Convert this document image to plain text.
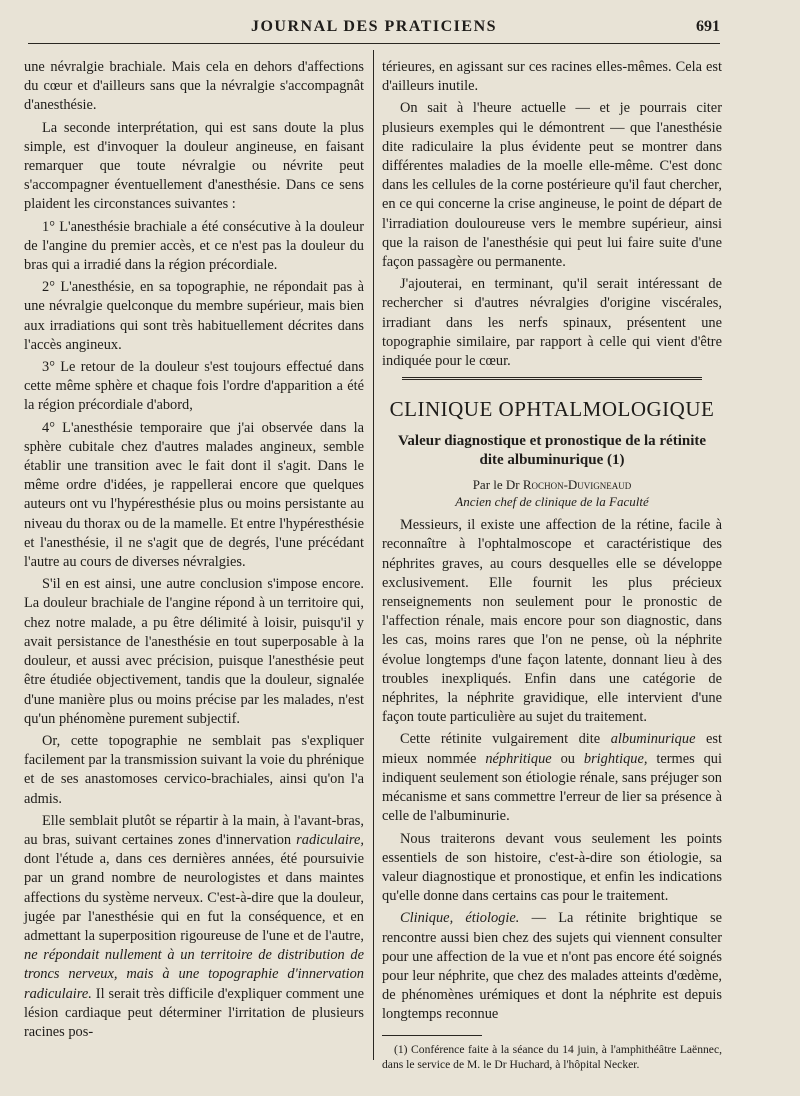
JOURNAL DES PRATICIENS	691

une névralgie brachiale. Mais cela en dehors d'affections du cœur et d'ailleurs sans que la névralgie s'accompagnât d'anesthésie.

La seconde interprétation, qui est sans doute la plus simple, est d'invoquer la douleur angineuse, en faisant remarquer que toute névralgie ou névrite peut s'accompagner éventuellement d'anesthésie. Dans ce sens plaident les circonstances suivantes :

1° L'anesthésie brachiale a été consécutive à la douleur de l'angine du premier accès, et ce n'est pas la douleur du bras qui a irradié dans la région précordiale.

2° L'anesthésie, en sa topographie, ne répondait pas à une névralgie quelconque du membre supérieur, mais bien aux irradiations qui sont très habituellement décrites dans l'accès angineux.

3° Le retour de la douleur s'est toujours effectué dans cette même sphère et chaque fois l'ordre d'apparition a été la région précordiale d'abord,

4° L'anesthésie temporaire que j'ai observée dans la sphère cubitale chez d'autres malades angineux, semble établir une transition avec le fait dont il s'agit. Dans le même ordre d'idées, je rappellerai encore que quelques auteurs ont vu l'hypéresthésie plus ou moins persistante au niveau du thorax ou de la mamelle. Et entre l'hypéresthésie et l'anesthésie, il ne s'agit que de degrés, l'une précédant l'autre au cours de diverses névralgies.

S'il en est ainsi, une autre conclusion s'impose encore. La douleur brachiale de l'angine répond à un territoire qui, chez notre malade, a pu être délimité à loisir, puisqu'il y avait persistance de l'anesthésie en tout superposable à la douleur, et aussi avec précision, puisque l'anesthésie peut être étudiée objectivement, tandis que la douleur, signalée d'une manière plus ou moins précise par les malades, n'est qu'un phénomène purement subjectif.

Or, cette topographie ne semblait pas s'expliquer facilement par la transmission suivant la voie du phrénique et de ses anastomoses cervico-brachiales, ainsi qu'on l'a admis.

Elle semblait plutôt se répartir à la main, à l'avant-bras, au bras, suivant certaines zones d'innervation radiculaire, dont l'étude a, dans ces dernières années, été poursuivie par un grand nombre de neurologistes et dans maintes affections du système nerveux. C'est-à-dire que la douleur, jugée par l'anesthésie qui en fut la conséquence, et en admettant la superposition rigoureuse de l'une et de l'autre, ne répondait nullement à un territoire de distribution de troncs nerveux, mais à une topographie d'innervation radiculaire. Il serait très difficile d'expliquer comment une lésion cardiaque peut déterminer l'irritation de plusieurs racines pos-

térieures, en agissant sur ces racines elles-mêmes. Cela est d'ailleurs inutile.

On sait à l'heure actuelle — et je pourrais citer plusieurs exemples qui le démontrent — que l'anesthésie dite radiculaire la plus évidente peut se montrer dans différentes maladies de la moelle elle-même. C'est donc dans les cellules de la corne postérieure qu'il faut chercher, en ce qui concerne la crise angineuse, le point de départ de l'irradiation douloureuse vers le membre supérieur, ainsi que la raison de l'anesthésie qui peut lui faire suite d'une façon passagère ou permanente.

J'ajouterai, en terminant, qu'il serait intéressant de rechercher si d'autres névralgies d'origine viscérales, irradiant dans les nerfs spinaux, présentent une topographie similaire, par rapport à celle qui vient d'être indiquée pour le cœur.

CLINIQUE OPHTALMOLOGIQUE
Valeur diagnostique et pronostique de la rétinite dite albuminurique (1)
Par le Dr Rochon-Duvigneaud
Ancien chef de clinique de la Faculté

Messieurs, il existe une affection de la rétine, facile à reconnaître à l'ophtalmoscope et caractéristique des néphrites graves, au cours desquelles elle se développe exclusivement. Elle fournit les plus précieux renseignements non seulement pour le pronostic de l'affection rénale, mais encore pour son diagnostic, dans les cas, moins rares que l'on ne pense, où la néphrite évolue longtemps d'une façon latente, donnant lieu à des troubles inexpliqués. Enfin dans une catégorie de néphrites, la néphrite gravidique, elle intervient d'une façon toute particulière au sujet du traitement.

Cette rétinite vulgairement dite albuminurique est mieux nommée néphritique ou brightique, termes qui indiquent seulement son étiologie rénale, sans préjuger son mécanisme et sans commettre l'erreur de lier sa présence à celle de l'albuminurie.

Nous traiterons devant vous seulement les points essentiels de son histoire, c'est-à-dire son étiologie, sa valeur diagnostique et pronostique, et enfin les indications qu'elle donne dans certains cas pour le traitement.

Clinique, étiologie. — La rétinite brightique se rencontre aussi bien chez des sujets qui viennent consulter pour une affection de la vue et n'ont pas encore été soignés pour leur néphrite, que chez des malades atteints d'œdème, de phénomènes urémiques et dont la néphrite est depuis longtemps reconnue

(1) Conférence faite à la séance du 14 juin, à l'amphithéâtre Laënnec, dans le service de M. le Dr Huchard, à l'hôpital Necker.
